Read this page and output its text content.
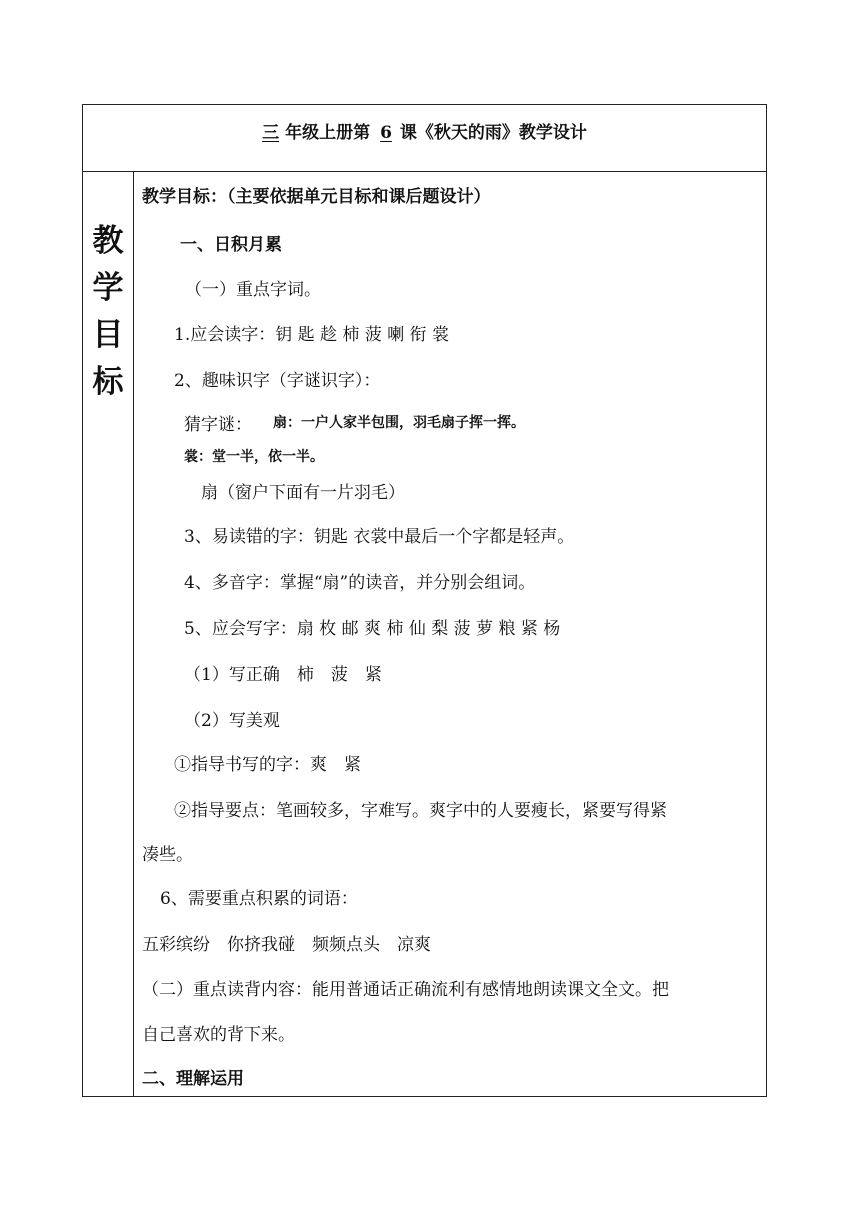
三 年级上册第 6 课《秋天的雨》教学设计
教
学
目
标
教学目标：（主要依据单元目标和课后题设计）
一、日积月累
（一）重点字词。
1.应会读字：钥 匙 趁 柿 菠 喇 衔 裳
2、趣味识字（字谜识字）：
猜字谜： 扇：一户人家半包围，羽毛扇子挥一挥。
裳：堂一半，依一半。
扇（窗户下面有一片羽毛）
3、易读错的字：钥匙 衣裳中最后一个字都是轻声。
4、多音字：掌握“扇”的读音，并分别会组词。
5、应会写字：扇 枚 邮 爽 柿 仙 梨 菠 萝 粮 紧 杨
（1）写正确　柿　菠　紧
（2）写美观
①指导书写的字：爽　紧
②指导要点：笔画较多，字难写。爽字中的人要瘦长，紧要写得紧
凑些。
6、需要重点积累的词语：
五彩缤纷　你挤我碰　频频点头　凉爽
（二）重点读背内容：能用普通话正确流利有感情地朗读课文全文。把
自己喜欢的背下来。
二、理解运用
